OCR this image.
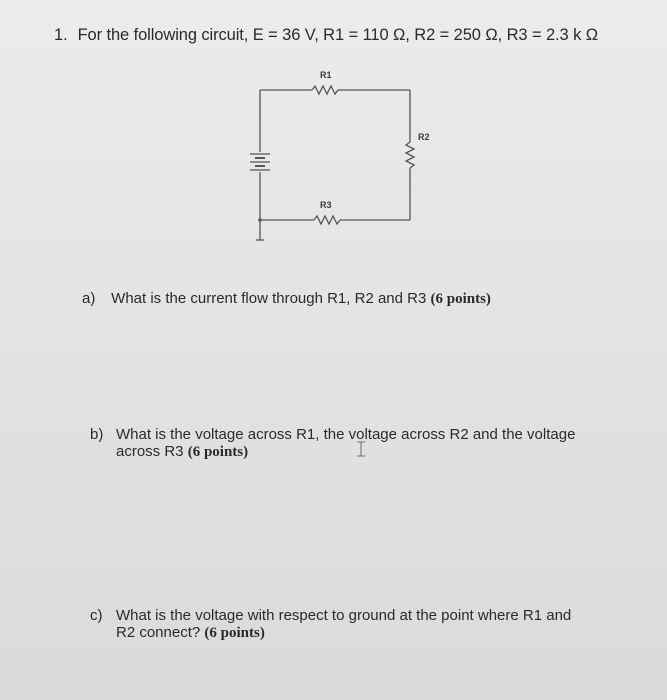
1. For the following circuit, E = 36 V, R1 = 110 Ω, R2 = 250 Ω, R3 = 2.3 k Ω
R1
R2
R3
a) What is the current flow through R1, R2 and R3 (6 points)
b) What is the voltage across R1, the voltage across R2 and the voltage
across R3 (6 points)
c) What is the voltage with respect to ground at the point where R1 and
R2 connect? (6 points)
